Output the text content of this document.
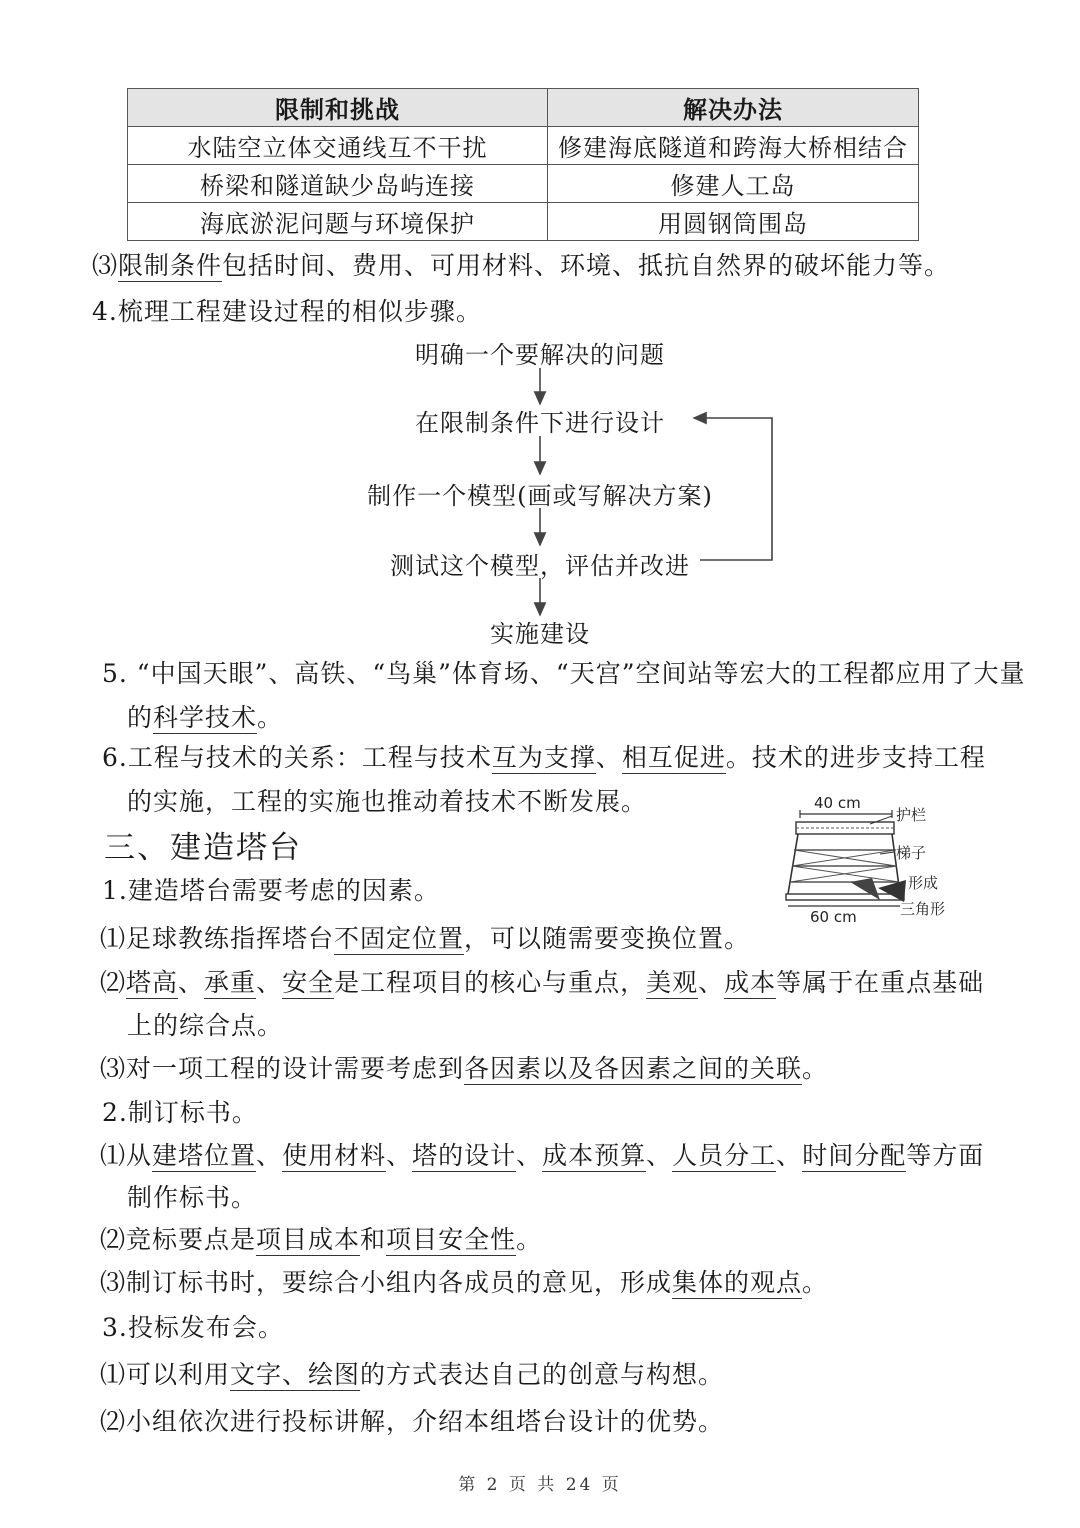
限制和挑战	解决办法
水陆空立体交通线互不干扰	修建海底隧道和跨海大桥相结合
桥梁和隧道缺少岛屿连接	修建人工岛
海底淤泥问题与环境保护	用圆钢筒围岛
⑶限制条件包括时间、费用、可用材料、环境、抵抗自然界的破坏能力等。
4.梳理工程建设过程的相似步骤。
明确一个要解决的问题
在限制条件下进行设计
制作一个模型(画或写解决方案)
测试这个模型，评估并改进
实施建设
5. “中国天眼”、高铁、“鸟巢”体育场、“天宫”空间站等宏大的工程都应用了大量
的科学技术。
6.工程与技术的关系：工程与技术互为支撑、相互促进。技术的进步支持工程
的实施，工程的实施也推动着技术不断发展。	40 cm
60 cm
护栏
梯子
形成
三角形
三、建造塔台
1.建造塔台需要考虑的因素。
⑴足球教练指挥塔台不固定位置，可以随需要变换位置。
⑵塔高、承重、安全是工程项目的核心与重点，美观、成本等属于在重点基础
上的综合点。
⑶对一项工程的设计需要考虑到各因素以及各因素之间的关联。
2.制订标书。
⑴从建塔位置、使用材料、塔的设计、成本预算、人员分工、时间分配等方面
制作标书。
⑵竞标要点是项目成本和项目安全性。
⑶制订标书时，要综合小组内各成员的意见，形成集体的观点。
3.投标发布会。
⑴可以利用文字、绘图的方式表达自己的创意与构想。
⑵小组依次进行投标讲解，介绍本组塔台设计的优势。
第 2 页 共 24 页
